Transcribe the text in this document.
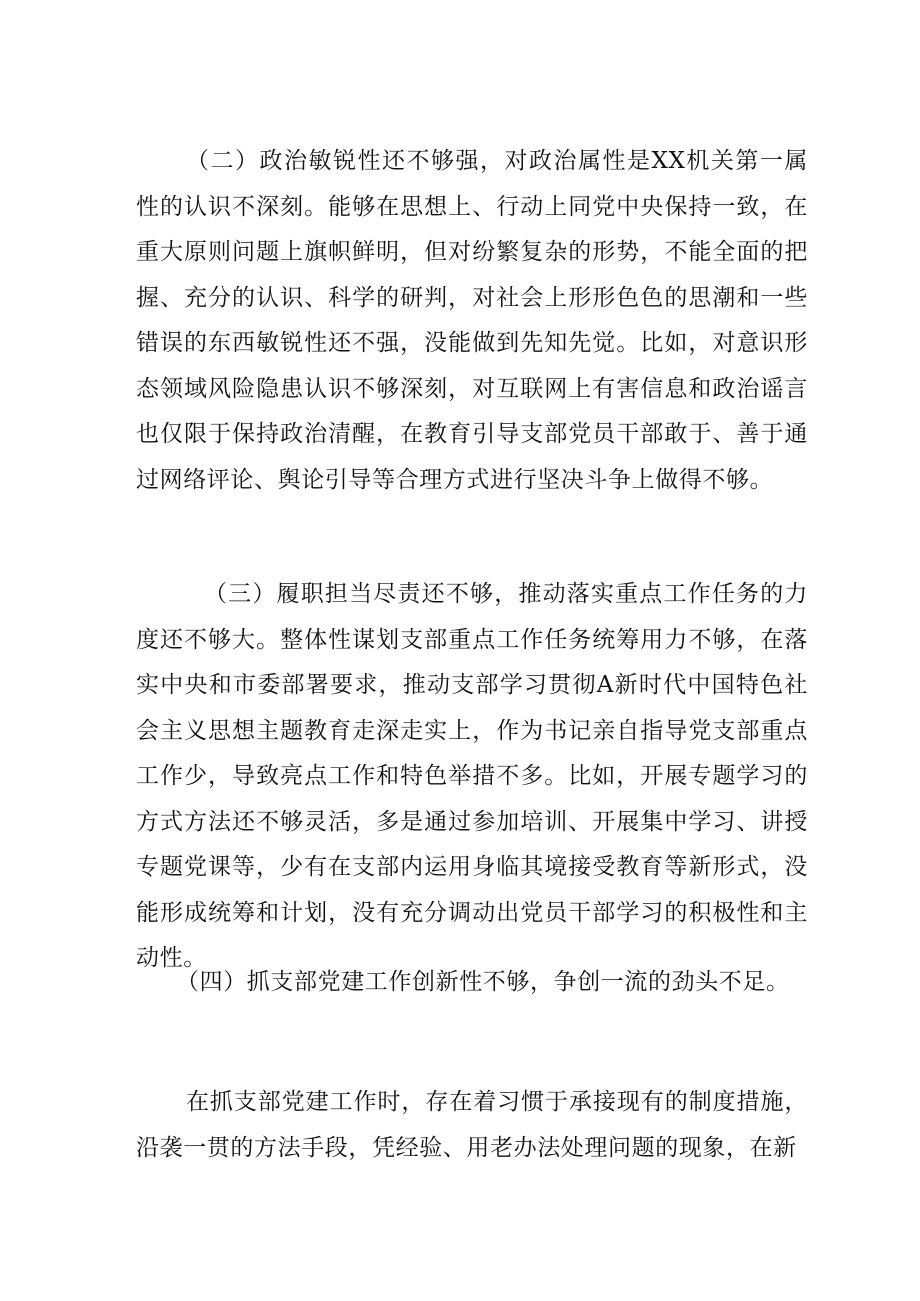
（二）政治敏锐性还不够强，对政治属性是XX机关第一属性的认识不深刻。能够在思想上、行动上同党中央保持一致，在重大原则问题上旗帜鲜明，但对纷繁复杂的形势，不能全面的把握、充分的认识、科学的研判，对社会上形形色色的思潮和一些错误的东西敏锐性还不强，没能做到先知先觉。比如，对意识形态领域风险隐患认识不够深刻，对互联网上有害信息和政治谣言也仅限于保持政治清醒，在教育引导支部党员干部敢于、善于通过网络评论、舆论引导等合理方式进行坚决斗争上做得不够。

（三）履职担当尽责还不够，推动落实重点工作任务的力度还不够大。整体性谋划支部重点工作任务统筹用力不够，在落实中央和市委部署要求，推动支部学习贯彻A新时代中国特色社会主义思想主题教育走深走实上，作为书记亲自指导党支部重点工作少，导致亮点工作和特色举措不多。比如，开展专题学习的方式方法还不够灵活，多是通过参加培训、开展集中学习、讲授专题党课等，少有在支部内运用身临其境接受教育等新形式，没能形成统筹和计划，没有充分调动出党员干部学习的积极性和主动性。

（四）抓支部党建工作创新性不够，争创一流的劲头不足。

在抓支部党建工作时，存在着习惯于承接现有的制度措施，沿袭一贯的方法手段，凭经验、用老办法处理问题的现象，在新
